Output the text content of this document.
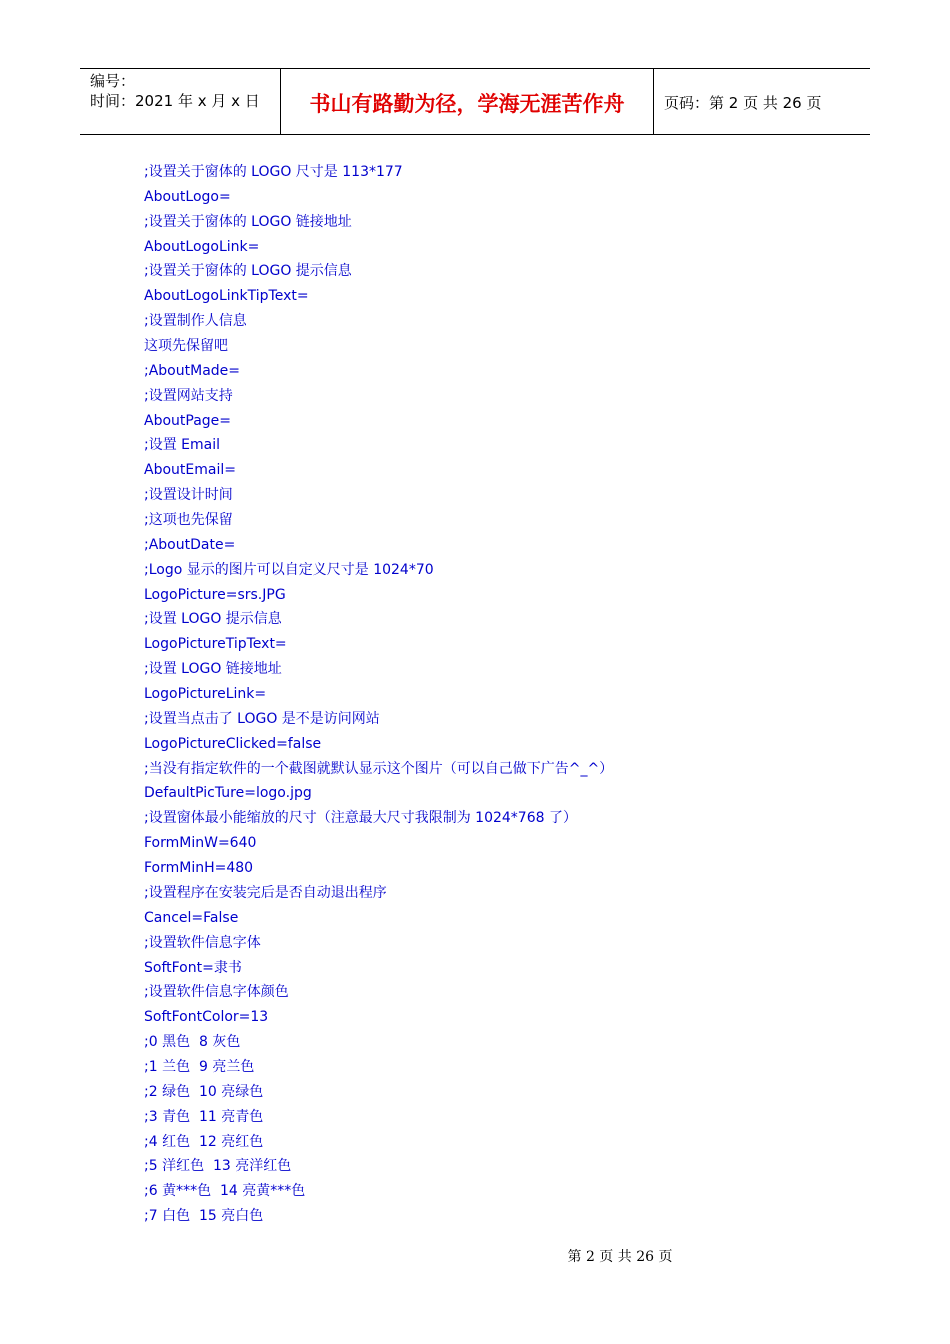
编号：
时间：2021 年 x 月 x 日	书山有路勤为径，学海无涯苦作舟	页码：第 2 页 共 26 页
;设置关于窗体的 LOGO 尺寸是 113*177
AboutLogo=
;设置关于窗体的 LOGO 链接地址
AboutLogoLink=
;设置关于窗体的 LOGO 提示信息
AboutLogoLinkTipText=
;设置制作人信息
这项先保留吧
;AboutMade=
;设置网站支持
AboutPage=
;设置 Email
AboutEmail=
;设置设计时间
;这项也先保留
;AboutDate=
;Logo 显示的图片可以自定义尺寸是 1024*70
LogoPicture=srs.JPG
;设置 LOGO 提示信息
LogoPictureTipText=
;设置 LOGO 链接地址
LogoPictureLink=
;设置当点击了 LOGO 是不是访问网站
LogoPictureClicked=false
;当没有指定软件的一个截图就默认显示这个图片（可以自己做下广告^_^）
DefaultPicTure=logo.jpg
;设置窗体最小能缩放的尺寸（注意最大尺寸我限制为 1024*768 了）
FormMinW=640
FormMinH=480
;设置程序在安装完后是否自动退出程序
Cancel=False
;设置软件信息字体
SoftFont=隶书
;设置软件信息字体颜色
SoftFontColor=13
;0 黑色  8 灰色
;1 兰色  9 亮兰色
;2 绿色  10 亮绿色
;3 青色  11 亮青色
;4 红色  12 亮红色
;5 洋红色  13 亮洋红色
;6 黄***色  14 亮黄***色
;7 白色  15 亮白色
第 2 页 共 26 页
